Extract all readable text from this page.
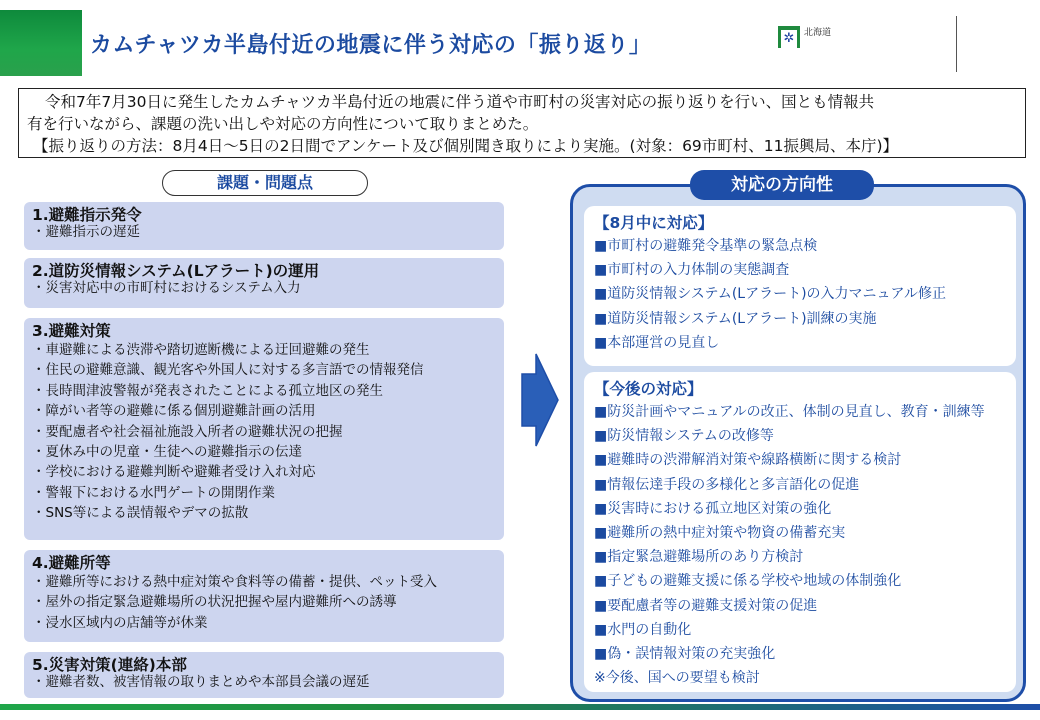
カムチャツカ半島付近の地震に伴う対応の「振り返り」	✲	北海道

令和7年7月30日に発生したカムチャツカ半島付近の地震に伴う道や市町村の災害対応の振り返りを行い、国とも情報共

有を行いながら、課題の洗い出しや対応の方向性について取りまとめた。

【振り返りの方法：8月4日～5日の2日間でアンケート及び個別聞き取りにより実施。(対象：69市町村、11振興局、本庁)】

課題・問題点
1.避難指示発令
・避難指示の遅延
2.道防災情報システム(Lアラート)の運用
・災害対応中の市町村におけるシステム入力
3.避難対策
・車避難による渋滞や踏切遮断機による迂回避難の発生
・住民の避難意識、観光客や外国人に対する多言語での情報発信
・長時間津波警報が発表されたことによる孤立地区の発生
・障がい者等の避難に係る個別避難計画の活用
・要配慮者や社会福祉施設入所者の避難状況の把握
・夏休み中の児童・生徒への避難指示の伝達
・学校における避難判断や避難者受け入れ対応
・警報下における水門ゲートの開閉作業
・SNS等による誤情報やデマの拡散
4.避難所等
・避難所等における熱中症対策や食料等の備蓄・提供、ペット受入
・屋外の指定緊急避難場所の状況把握や屋内避難所への誘導
・浸水区域内の店舗等が休業
5.災害対策(連絡)本部
・避難者数、被害情報の取りまとめや本部員会議の遅延
対応の方向性
【8月中に対応】
■市町村の避難発令基準の緊急点検
■市町村の入力体制の実態調査
■道防災情報システム(Lアラート)の入力マニュアル修正
■道防災情報システム(Lアラート)訓練の実施
■本部運営の見直し
【今後の対応】
■防災計画やマニュアルの改正、体制の見直し、教育・訓練等
■防災情報システムの改修等
■避難時の渋滞解消対策や線路横断に関する検討
■情報伝達手段の多様化と多言語化の促進
■災害時における孤立地区対策の強化
■避難所の熱中症対策や物資の備蓄充実
■指定緊急避難場所のあり方検討
■子どもの避難支援に係る学校や地域の体制強化
■要配慮者等の避難支援対策の促進
■水門の自動化
■偽・誤情報対策の充実強化
※今後、国への要望も検討
